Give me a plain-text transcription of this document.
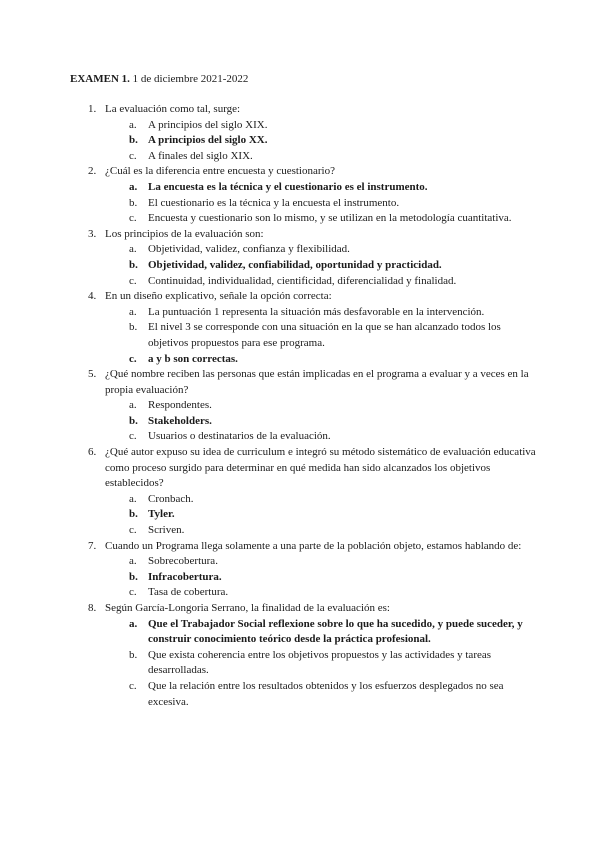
EXAMEN 1. 1 de diciembre 2021-2022
1. La evaluación como tal, surge:
a.	A principios del siglo XIX.
b. A principios del siglo XX.
c.	A finales del siglo XIX.
2. ¿Cuál es la diferencia entre encuesta y cuestionario?
a. La encuesta es la técnica y el cuestionario es el instrumento.
b. El cuestionario es la técnica y la encuesta el instrumento.
c.	Encuesta y cuestionario son lo mismo, y se utilizan en la metodología cuantitativa.
3. Los principios de la evaluación son:
a.	Objetividad, validez, confianza y flexibilidad.
b. Objetividad, validez, confiabilidad, oportunidad y practicidad.
c.	Continuidad, individualidad, cientificidad, diferencialidad y finalidad.
4. En un diseño explicativo, señale la opción correcta:
a.	La puntuación 1 representa la situación más desfavorable en la intervención.
b. El nivel 3 se corresponde con una situación en la que se han alcanzado todos los objetivos propuestos para ese programa.
c.	a y b son correctas.
5. ¿Qué nombre reciben las personas que están implicadas en el programa a evaluar y a veces en la propia evaluación?
a.	Respondentes.
b. Stakeholders.
c.	Usuarios o destinatarios de la evaluación.
6. ¿Qué autor expuso su idea de curriculum e integró su método sistemático de evaluación educativa como proceso surgido para determinar en qué medida han sido alcanzados los objetivos establecidos?
a.	Cronbach.
b. Tyler.
c.	Scriven.
7. Cuando un Programa llega solamente a una parte de la población objeto, estamos hablando de:
a.	Sobrecobertura.
b. Infracobertura.
c.	Tasa de cobertura.
8. Según García-Longoria Serrano, la finalidad de la evaluación es:
a. Que el Trabajador Social reflexione sobre lo que ha sucedido, y puede suceder, y construir conocimiento teórico desde la práctica profesional.
b. Que exista coherencia entre los objetivos propuestos y las actividades y tareas desarrolladas.
c.	Que la relación entre los resultados obtenidos y los esfuerzos desplegados no sea excesiva.
